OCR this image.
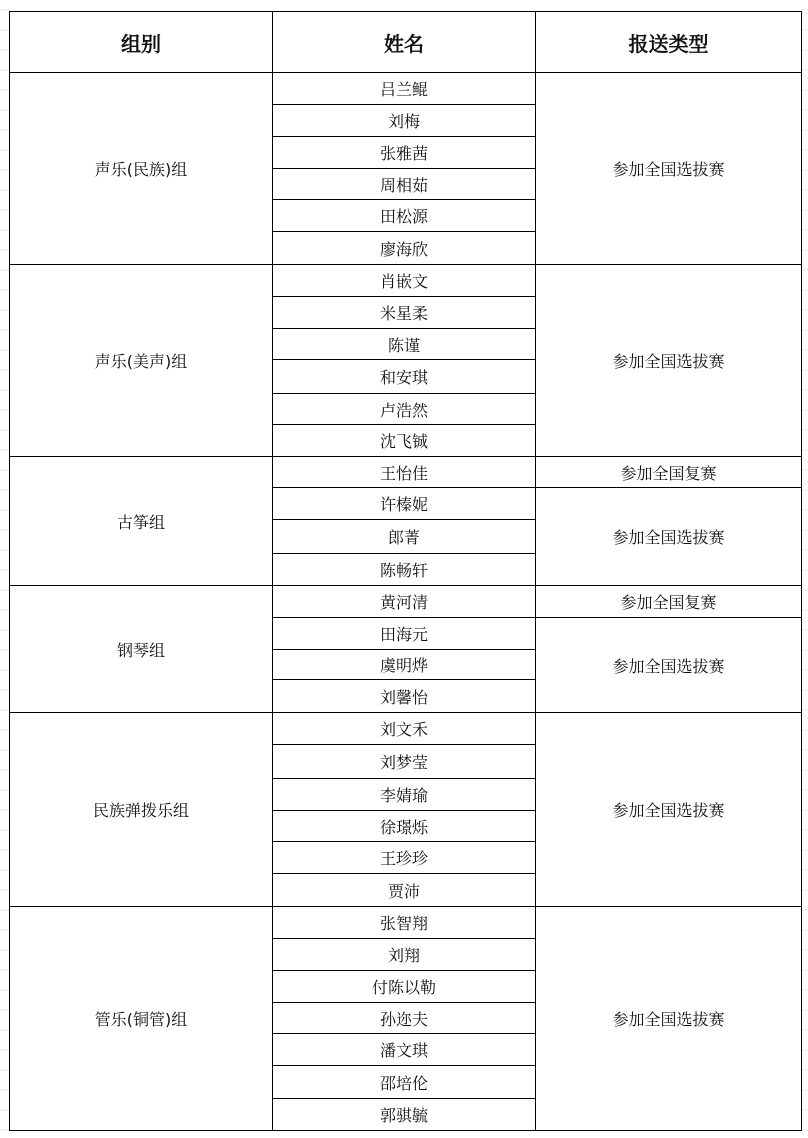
组别	姓名	报送类型
声乐(民族)组	吕兰鲲	参加全国选拔赛
	刘梅	
	张雅茜	
	周相茹	
	田松源	
	廖海欣	
声乐(美声)组	肖嵌文	参加全国选拔赛
	米星柔	
	陈谨	
	和安琪	
	卢浩然	
	沈飞铖	
古筝组	王怡佳	参加全国复赛
	许榛妮	参加全国选拔赛
	郎菁	
	陈畅轩	
钢琴组	黄河清	参加全国复赛
	田海元	参加全国选拔赛
	虞明烨	
	刘馨怡	
民族弹拨乐组	刘文禾	参加全国选拔赛
	刘梦莹	
	李婧瑜	
	徐璟烁	
	王珍珍	
	贾沛	
管乐(铜管)组	张智翔	参加全国选拔赛
	刘翔	
	付陈以勒	
	孙迩夫	
	潘文琪	
	邵培伦	
	郭骐毓	
